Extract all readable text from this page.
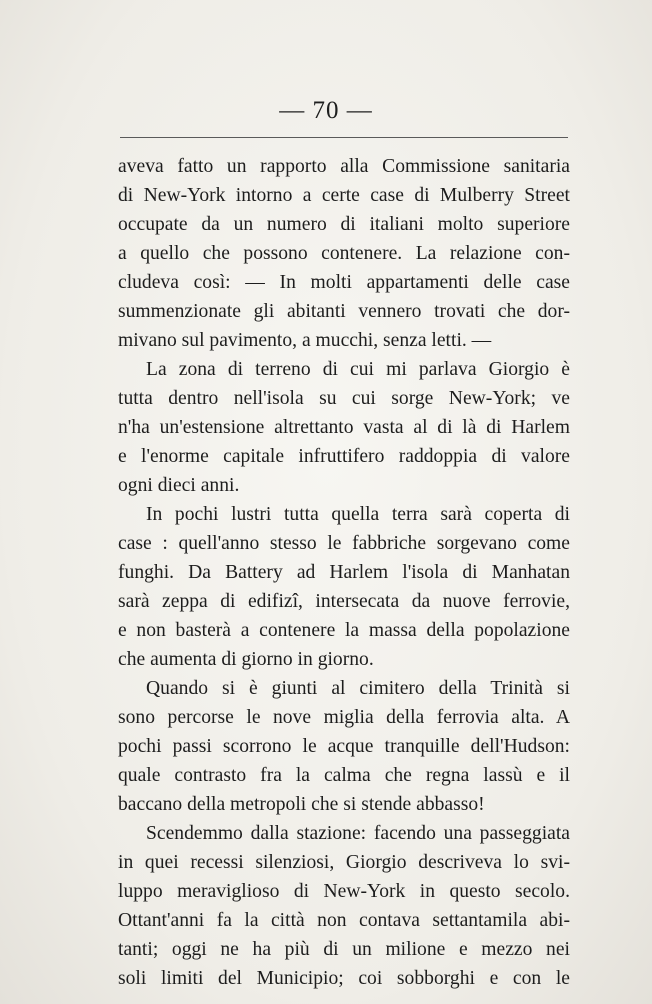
— 70 —
aveva fatto un rapporto alla Commissione sanitaria
di New-York intorno a certe case di Mulberry Street
occupate da un numero di italiani molto superiore
a quello che possono contenere. La relazione con-
cludeva così: — In molti appartamenti delle case
summenzionate gli abitanti vennero trovati che dor-
mivano sul pavimento, a mucchi, senza letti. —
La zona di terreno di cui mi parlava Giorgio è
tutta dentro nell'isola su cui sorge New-York; ve
n'ha un'estensione altrettanto vasta al di là di Harlem
e l'enorme capitale infruttifero raddoppia di valore
ogni dieci anni.
In pochi lustri tutta quella terra sarà coperta di
case : quell'anno stesso le fabbriche sorgevano come
funghi. Da Battery ad Harlem l'isola di Manhatan
sarà zeppa di edifizî, intersecata da nuove ferrovie,
e non basterà a contenere la massa della popolazione
che aumenta di giorno in giorno.
Quando si è giunti al cimitero della Trinità si
sono percorse le nove miglia della ferrovia alta. A
pochi passi scorrono le acque tranquille dell'Hudson:
quale contrasto fra la calma che regna lassù e il
baccano della metropoli che si stende abbasso!
Scendemmo dalla stazione: facendo una passeggiata
in quei recessi silenziosi, Giorgio descriveva lo svi-
luppo meraviglioso di New-York in questo secolo.
Ottant'anni fa la città non contava settantamila abi-
tanti; oggi ne ha più di un milione e mezzo nei
soli limiti del Municipio; coi sobborghi e con le
